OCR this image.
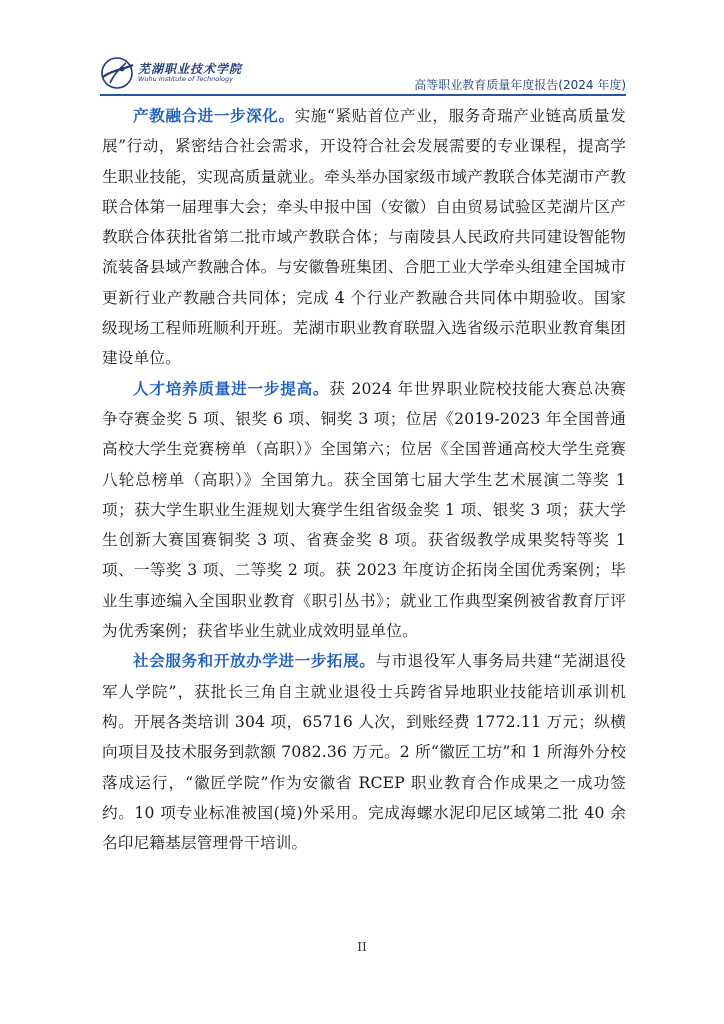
芜湖职业技术学院
Wuhu Institute of Technology	高等职业教育质量年度报告(2024 年度)

产教融合进一步深化。实施“紧贴首位产业，服务奇瑞产业链高质量发展”行动，紧密结合社会需求，开设符合社会发展需要的专业课程，提高学生职业技能，实现高质量就业。牵头举办国家级市域产教联合体芜湖市产教联合体第一届理事大会；牵头申报中国（安徽）自由贸易试验区芜湖片区产教联合体获批省第二批市域产教联合体；与南陵县人民政府共同建设智能物流装备县域产教融合体。与安徽鲁班集团、合肥工业大学牵头组建全国城市更新行业产教融合共同体；完成 4 个行业产教融合共同体中期验收。国家级现场工程师班顺利开班。芜湖市职业教育联盟入选省级示范职业教育集团建设单位。

人才培养质量进一步提高。获 2024 年世界职业院校技能大赛总决赛争夺赛金奖 5 项、银奖 6 项、铜奖 3 项；位居《2019-2023 年全国普通高校大学生竞赛榜单（高职）》全国第六；位居《全国普通高校大学生竞赛八轮总榜单（高职）》全国第九。获全国第七届大学生艺术展演二等奖 1 项；获大学生职业生涯规划大赛学生组省级金奖 1 项、银奖 3 项；获大学生创新大赛国赛铜奖 3 项、省赛金奖 8 项。获省级教学成果奖特等奖 1 项、一等奖 3 项、二等奖 2 项。获 2023 年度访企拓岗全国优秀案例；毕业生事迹编入全国职业教育《职引丛书》；就业工作典型案例被省教育厅评为优秀案例；获省毕业生就业成效明显单位。

社会服务和开放办学进一步拓展。与市退役军人事务局共建“芜湖退役军人学院”，获批长三角自主就业退役士兵跨省异地职业技能培训承训机构。开展各类培训 304 项，65716 人次，到账经费 1772.11 万元；纵横向项目及技术服务到款额 7082.36 万元。2 所“徽匠工坊”和 1 所海外分校落成运行，“徽匠学院”作为安徽省 RCEP 职业教育合作成果之一成功签约。10 项专业标准被国(境)外采用。完成海螺水泥印尼区域第二批 40 余名印尼籍基层管理骨干培训。

II
